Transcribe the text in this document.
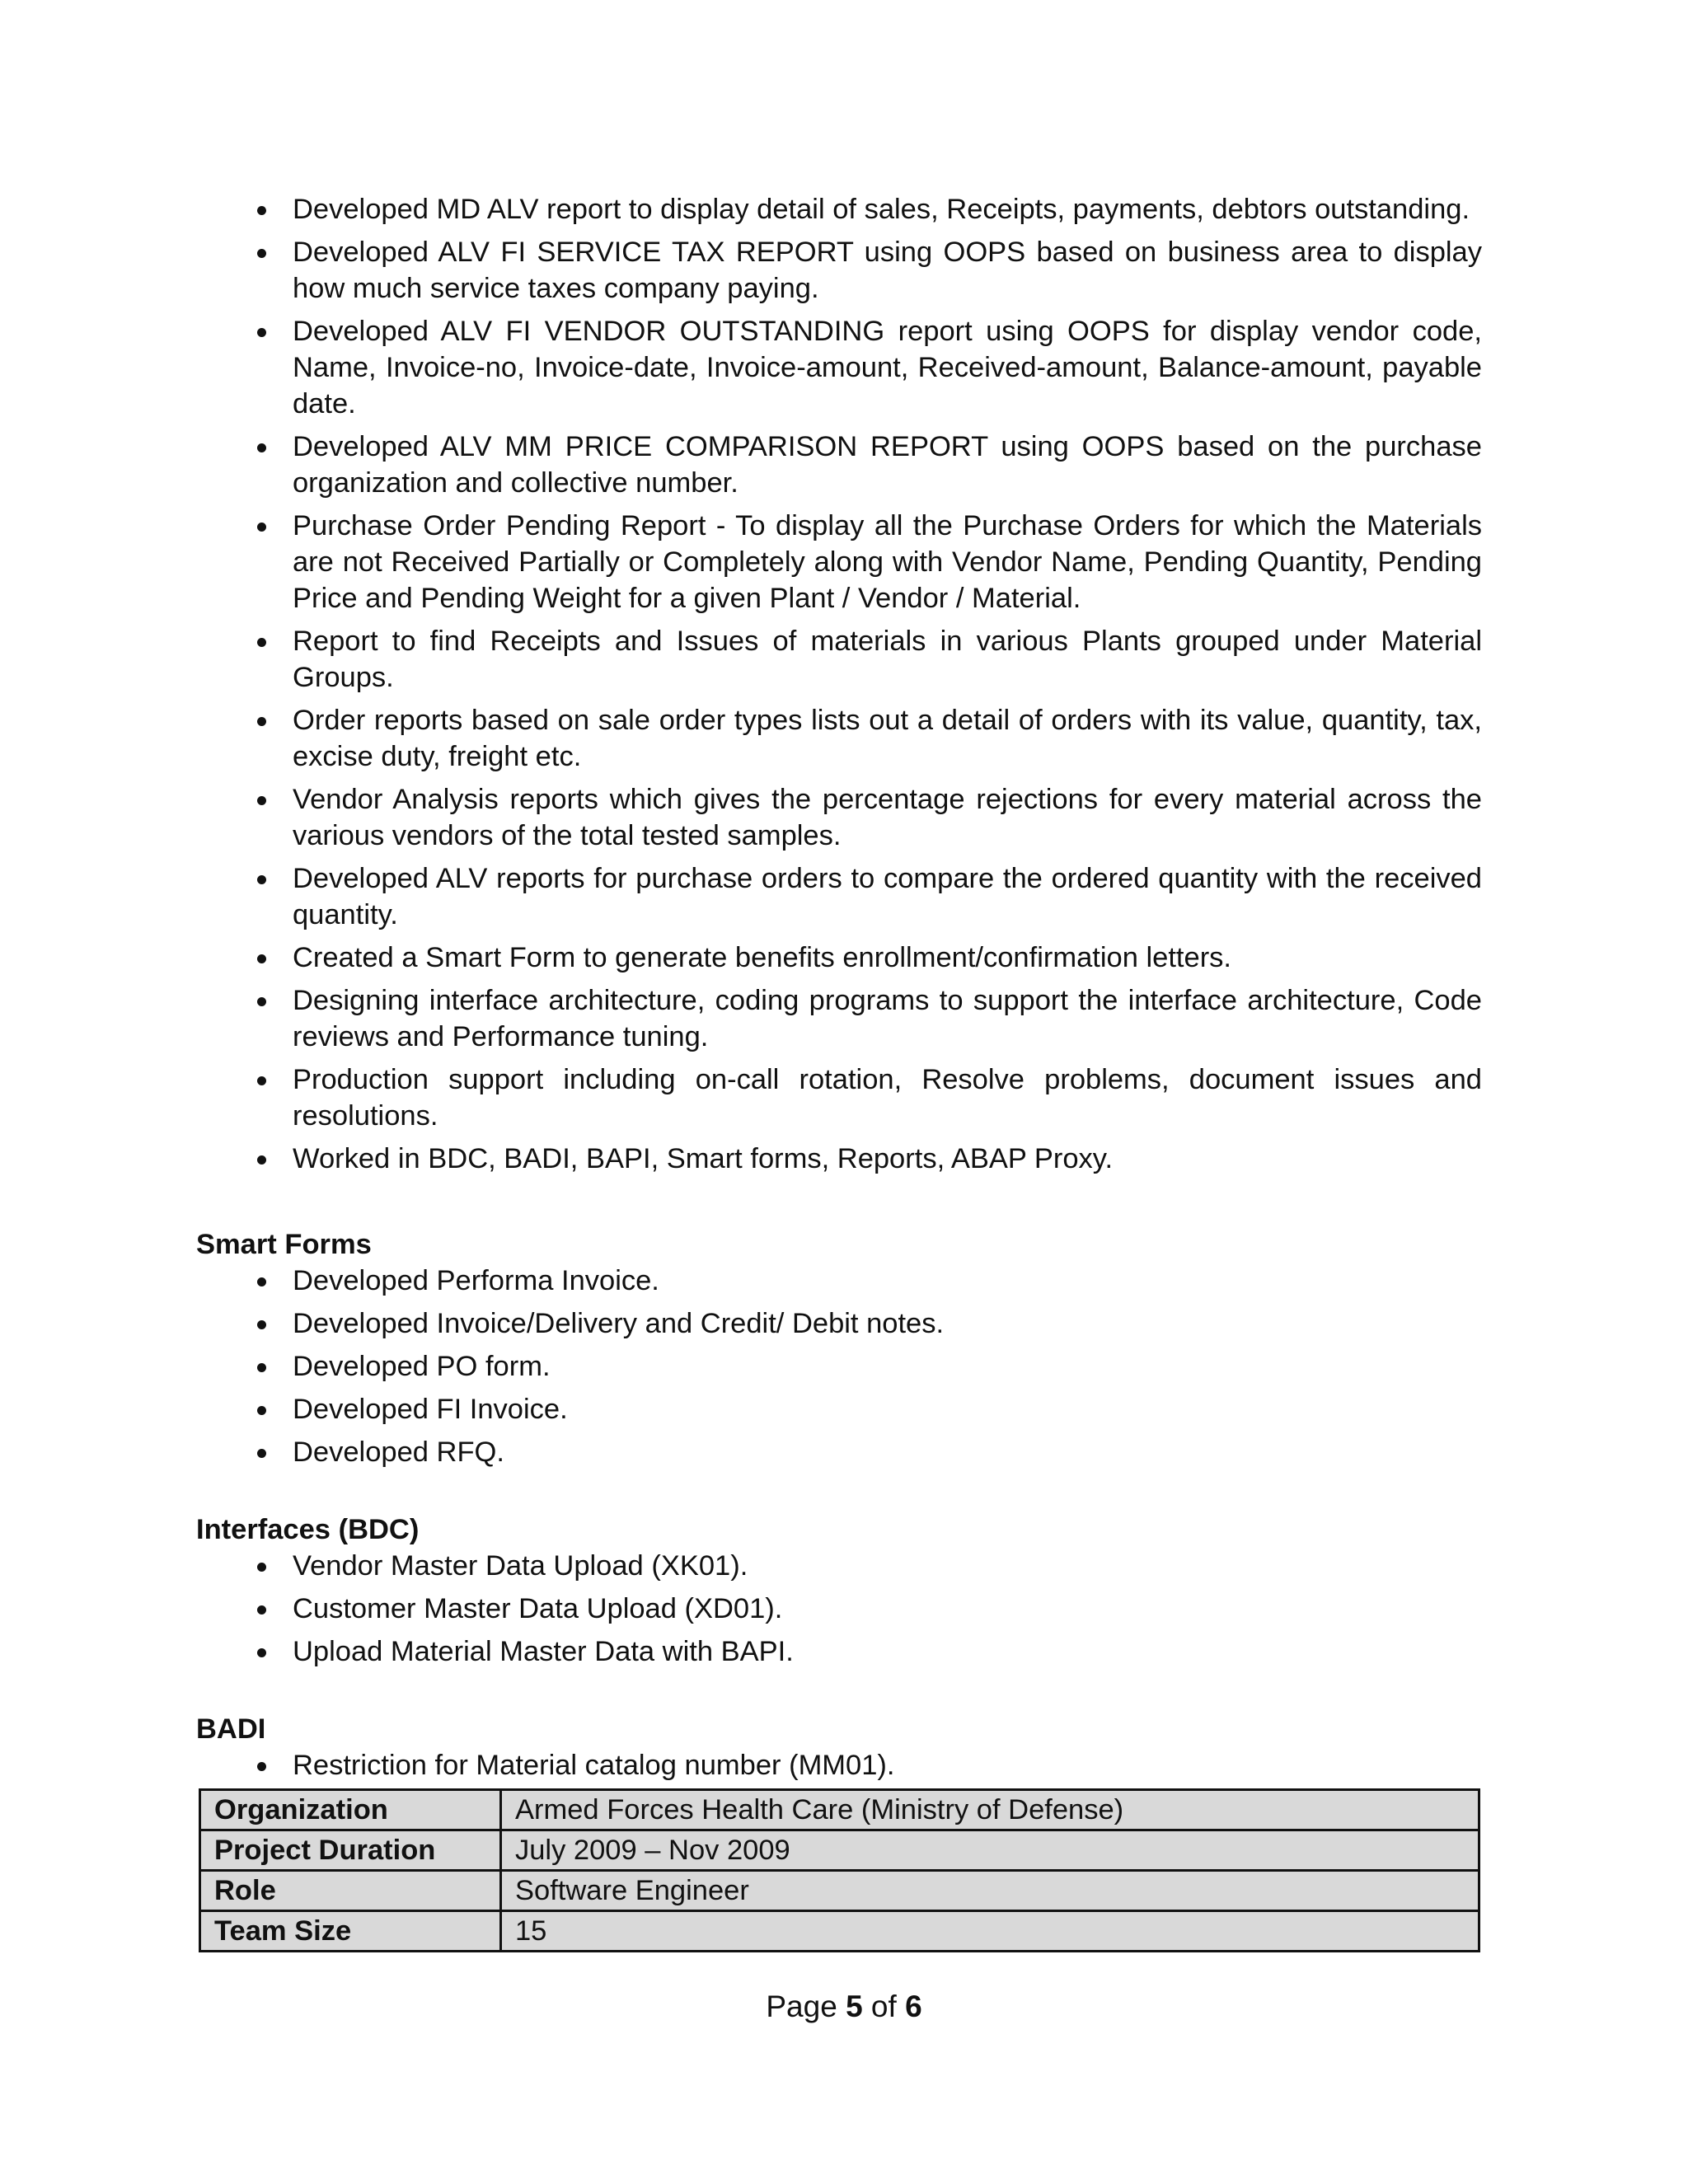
Developed MD ALV report to display detail of sales, Receipts, payments, debtors outstanding.
Developed ALV FI SERVICE TAX REPORT using OOPS based on business area to display how much service taxes company paying.
Developed ALV FI VENDOR OUTSTANDING report using OOPS for display vendor code, Name, Invoice-no, Invoice-date, Invoice-amount, Received-amount, Balance-amount, payable date.
Developed ALV MM PRICE COMPARISON REPORT using OOPS based on the purchase organization and collective number.
Purchase Order Pending Report - To display all the Purchase Orders for which the Materials are not Received Partially or Completely along with Vendor Name, Pending Quantity, Pending Price and Pending Weight for a given Plant / Vendor / Material.
Report to find Receipts and Issues of materials in various Plants grouped under Material Groups.
Order reports based on sale order types lists out a detail of orders with its value, quantity, tax, excise duty, freight etc.
Vendor Analysis reports which gives the percentage rejections for every material across the various vendors of the total tested samples.
Developed ALV reports for purchase orders to compare the ordered quantity with the received quantity.
Created a Smart Form to generate benefits enrollment/confirmation letters.
Designing interface architecture, coding programs to support the interface architecture, Code reviews and Performance tuning.
Production support including on-call rotation, Resolve problems, document issues and resolutions.
Worked in BDC, BADI, BAPI, Smart forms, Reports, ABAP Proxy.

Smart Forms

Developed Performa Invoice.
Developed Invoice/Delivery and Credit/ Debit notes.
Developed PO form.
Developed FI Invoice.
Developed RFQ.

Interfaces (BDC)

Vendor Master Data Upload (XK01).
Customer Master Data Upload (XD01).
Upload Material Master Data with BAPI.

BADI

Restriction for Material catalog number (MM01).
Organization	Armed Forces Health Care (Ministry of Defense)
Project Duration	July 2009 – Nov 2009
Role	Software Engineer
Team Size	15
Page 5 of 6
